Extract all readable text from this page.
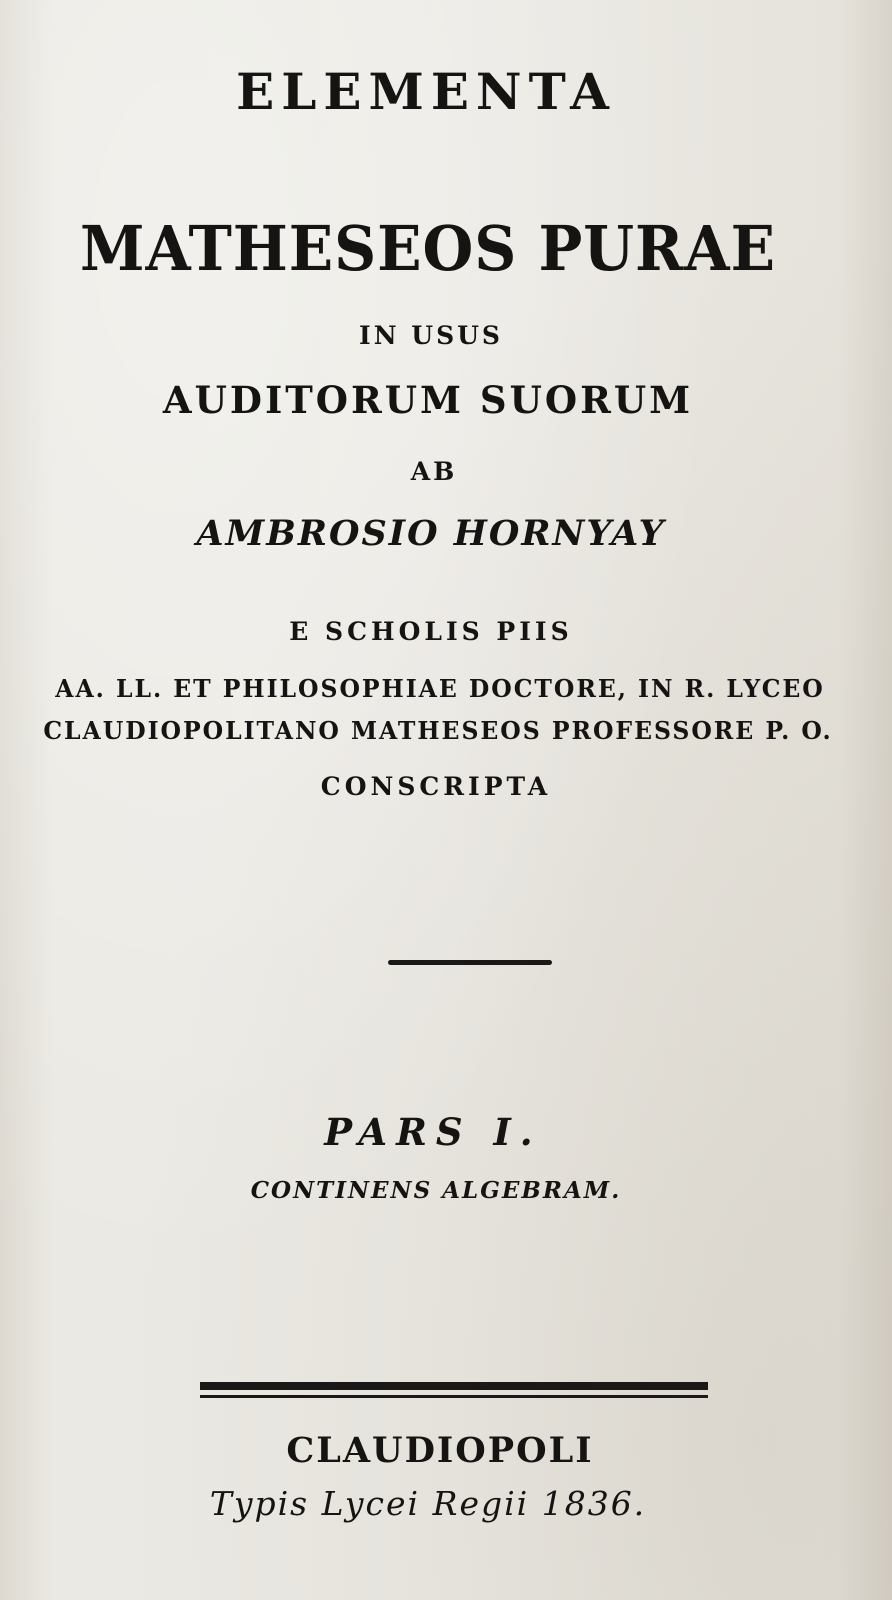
ELEMENTA
MATHESEOS PURAE
IN USUS
AUDITORUM SUORUM
AB
AMBROSIO HORNYAY
E SCHOLIS PIIS
AA. LL. ET PHILOSOPHIAE DOCTORE, IN R. LYCEO
CLAUDIOPOLITANO MATHESEOS PROFESSORE P. O.
CONSCRIPTA
PARS I.
CONTINENS ALGEBRAM.
CLAUDIOPOLI
Typis Lycei Regii 1836.
